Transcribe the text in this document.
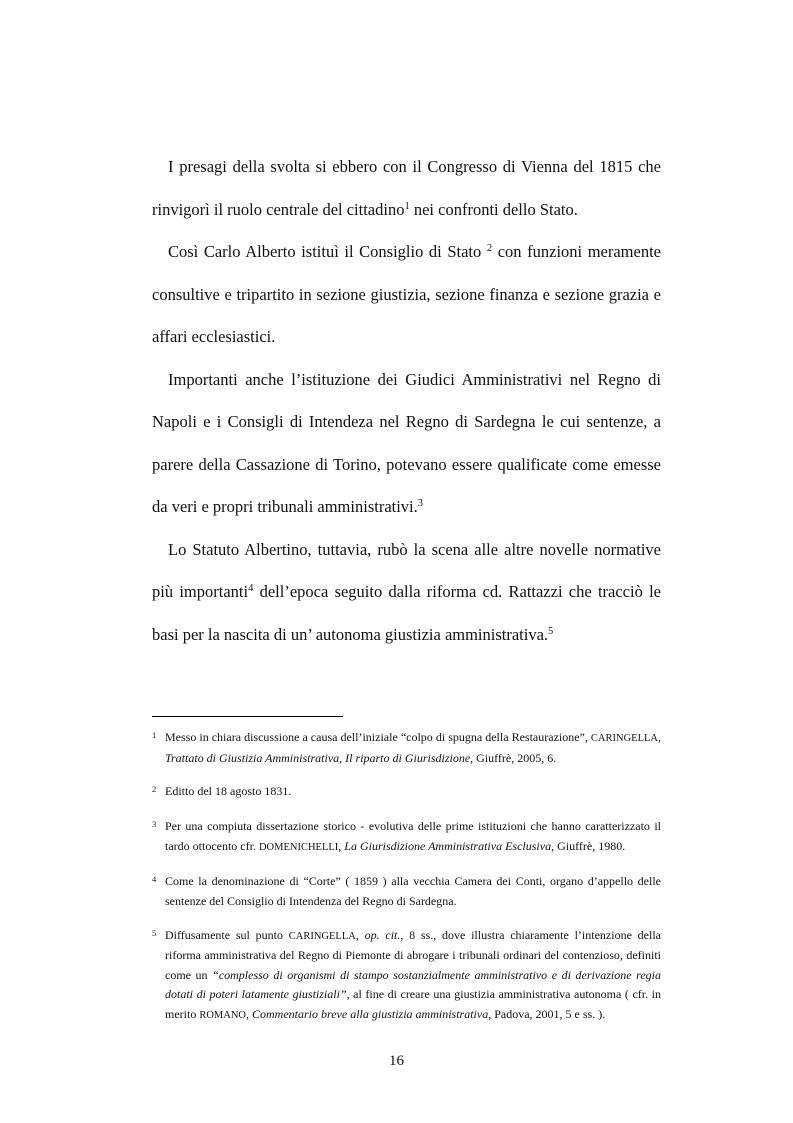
I presagi della svolta si ebbero con il Congresso di Vienna del 1815 che rinvigorì il ruolo centrale del cittadino$^1$ nei confronti dello Stato.

Così Carlo Alberto istituì il Consiglio di Stato $^2$ con funzioni meramente consultive e tripartito in sezione giustizia, sezione finanza e sezione grazia e affari ecclesiastici.

Importanti anche l’istituzione dei Giudici Amministrativi nel Regno di Napoli e i Consigli di Intendeza nel Regno di Sardegna le cui sentenze, a parere della Cassazione di Torino, potevano essere qualificate come emesse da veri e propri tribunali amministrativi.$^3$

Lo Statuto Albertino, tuttavia, rubò la scena alle altre novelle normative più importanti$^4$ dell’epoca seguito dalla riforma cd. Rattazzi che tracciò le basi per la nascita di un’ autonoma giustizia amministrativa.$^5$

1 Messo in chiara discussione a causa dell’iniziale “colpo di spugna della Restaurazione”, CARINGELLA, Trattato di Giustizia Amministrativa, Il riparto di Giurisdizione, Giuffrè, 2005, 6.

2 Editto del 18 agosto 1831.

3 Per una compiuta dissertazione storico - evolutiva delle prime istituzioni che hanno caratterizzato il tardo ottocento cfr. DOMENICHELLI, La Giurisdizione Amministrativa Esclusiva, Giuffrè, 1980.

4 Come la denominazione di “Corte” ( 1859 ) alla vecchia Camera dei Conti, organo d’appello delle sentenze del Consiglio di Intendenza del Regno di Sardegna.

5 Diffusamente sul punto CARINGELLA, op. cit., 8 ss., dove illustra chiaramente l’intenzione della riforma amministrativa del Regno di Piemonte di abrogare i tribunali ordinari del contenzioso, definiti come un “complesso di organismi di stampo sostanzialmente amministrativo e di derivazione regia dotati di poteri latamente giustiziali”, al fine di creare una giustizia amministrativa autonoma ( cfr. in merito ROMANO, Commentario breve alla giustizia amministrativa, Padova, 2001, 5 e ss. ).

16
